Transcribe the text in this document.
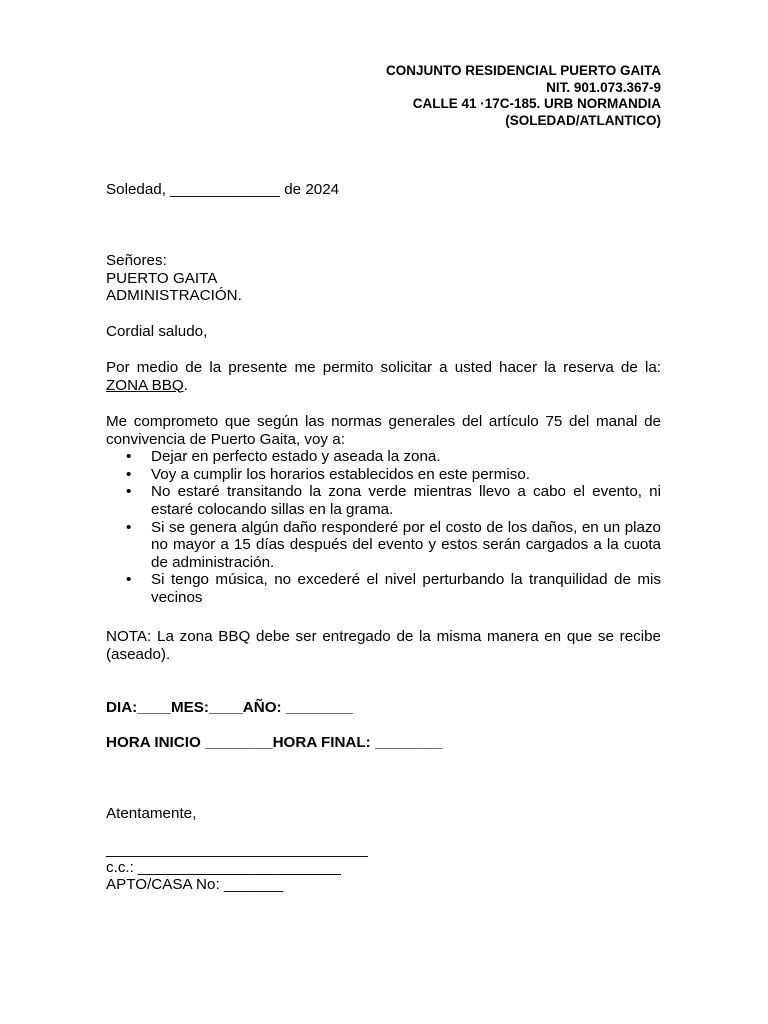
CONJUNTO RESIDENCIAL PUERTO GAITA
NIT. 901.073.367-9
CALLE 41 ·17C-185. URB NORMANDIA
(SOLEDAD/ATLANTICO)
Soledad, _____________ de 2024
Señores:
PUERTO GAITA
ADMINISTRACIÓN.
Cordial saludo,
Por medio de la presente me permito solicitar a usted hacer la reserva de la:
ZONA BBQ.
Me comprometo que según las normas generales del artículo 75 del manal de convivencia de Puerto Gaita, voy a:
• Dejar en perfecto estado y aseada la zona.
• Voy a cumplir los horarios establecidos en este permiso.
• No estaré transitando la zona verde mientras llevo a cabo el evento, ni estaré colocando sillas en la grama.
• Si se genera algún daño responderé por el costo de los daños, en un plazo no mayor a 15 días después del evento y estos serán cargados a la cuota de administración.
• Si tengo música, no excederé el nivel perturbando la tranquilidad de mis vecinos
NOTA: La zona BBQ debe ser entregado de la misma manera en que se recibe (aseado).
DIA:____MES:____AÑO: ________
HORA INICIO ________HORA FINAL: ________
Atentamente,
_______________________________
c.c.: ________________________
APTO/CASA No: _______
